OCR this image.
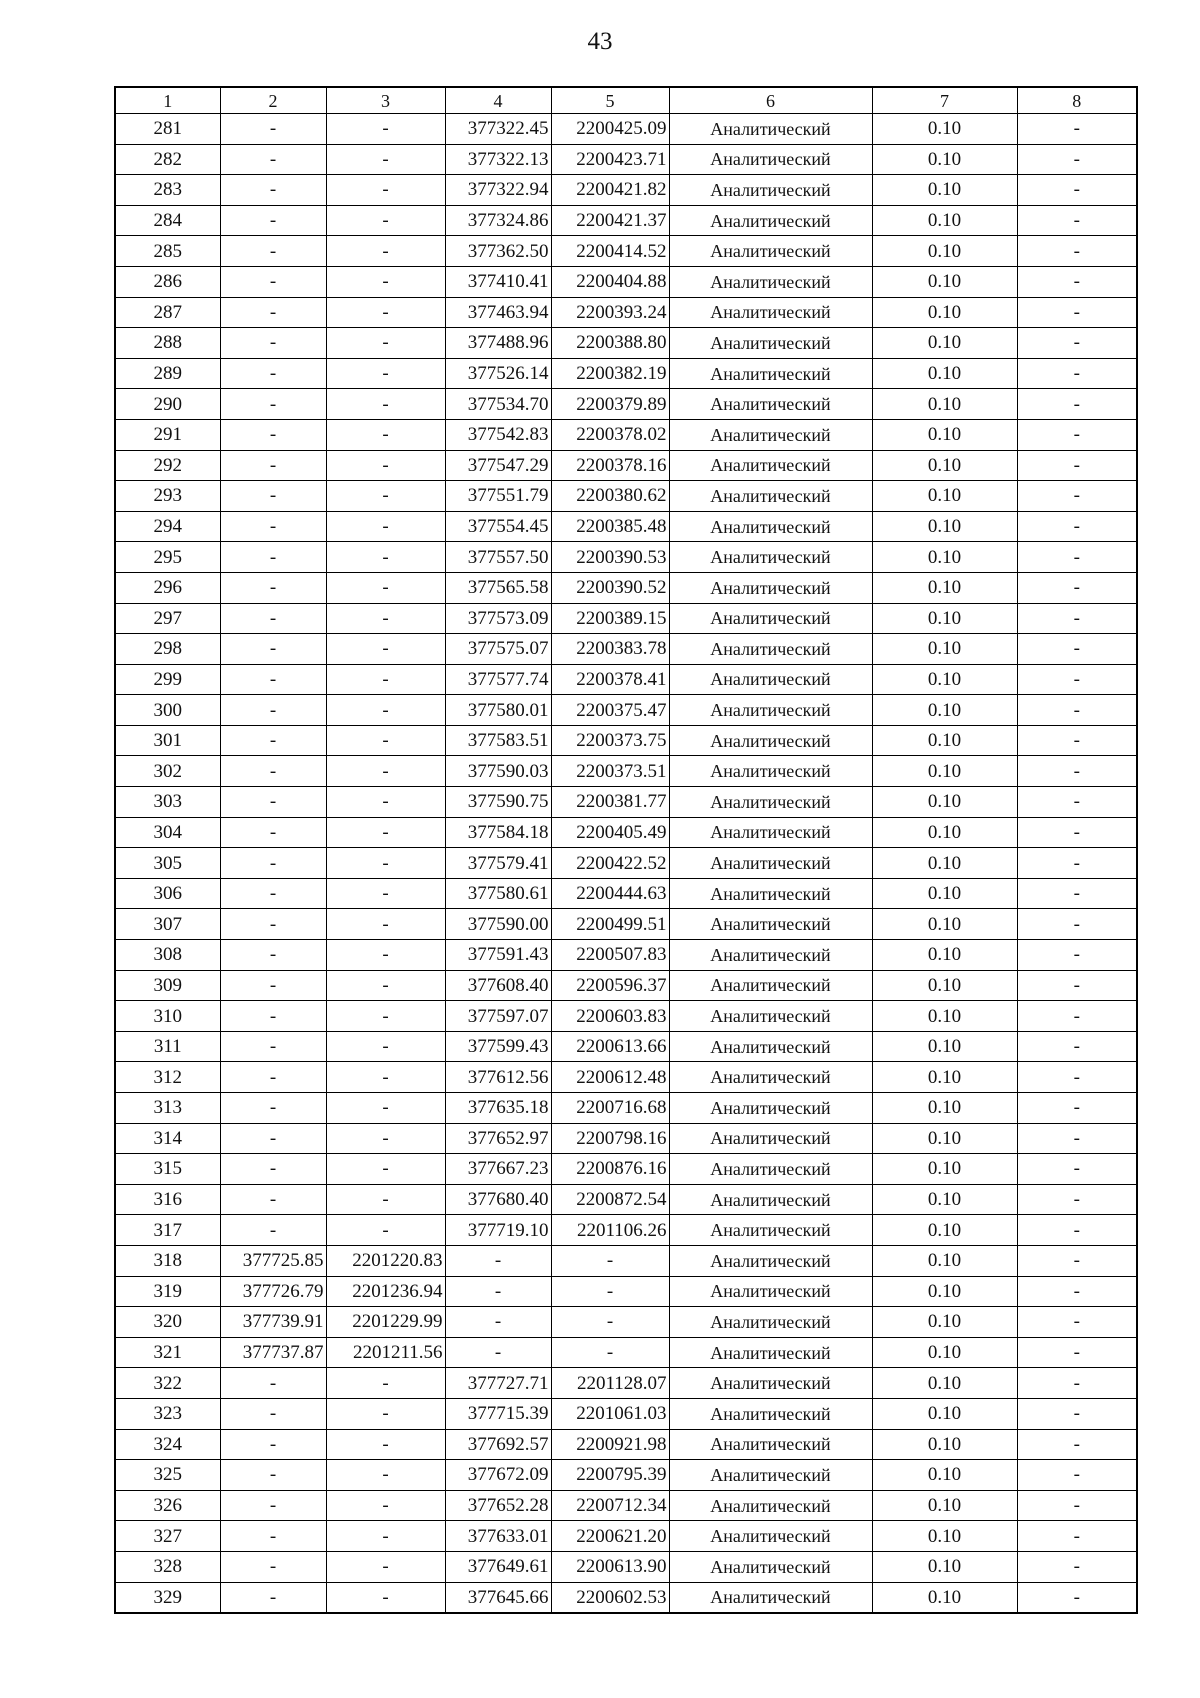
43
1	2	3	4	5	6	7	8
281	-	-	377322.45	2200425.09	Аналитический	0.10	-
282	-	-	377322.13	2200423.71	Аналитический	0.10	-
283	-	-	377322.94	2200421.82	Аналитический	0.10	-
284	-	-	377324.86	2200421.37	Аналитический	0.10	-
285	-	-	377362.50	2200414.52	Аналитический	0.10	-
286	-	-	377410.41	2200404.88	Аналитический	0.10	-
287	-	-	377463.94	2200393.24	Аналитический	0.10	-
288	-	-	377488.96	2200388.80	Аналитический	0.10	-
289	-	-	377526.14	2200382.19	Аналитический	0.10	-
290	-	-	377534.70	2200379.89	Аналитический	0.10	-
291	-	-	377542.83	2200378.02	Аналитический	0.10	-
292	-	-	377547.29	2200378.16	Аналитический	0.10	-
293	-	-	377551.79	2200380.62	Аналитический	0.10	-
294	-	-	377554.45	2200385.48	Аналитический	0.10	-
295	-	-	377557.50	2200390.53	Аналитический	0.10	-
296	-	-	377565.58	2200390.52	Аналитический	0.10	-
297	-	-	377573.09	2200389.15	Аналитический	0.10	-
298	-	-	377575.07	2200383.78	Аналитический	0.10	-
299	-	-	377577.74	2200378.41	Аналитический	0.10	-
300	-	-	377580.01	2200375.47	Аналитический	0.10	-
301	-	-	377583.51	2200373.75	Аналитический	0.10	-
302	-	-	377590.03	2200373.51	Аналитический	0.10	-
303	-	-	377590.75	2200381.77	Аналитический	0.10	-
304	-	-	377584.18	2200405.49	Аналитический	0.10	-
305	-	-	377579.41	2200422.52	Аналитический	0.10	-
306	-	-	377580.61	2200444.63	Аналитический	0.10	-
307	-	-	377590.00	2200499.51	Аналитический	0.10	-
308	-	-	377591.43	2200507.83	Аналитический	0.10	-
309	-	-	377608.40	2200596.37	Аналитический	0.10	-
310	-	-	377597.07	2200603.83	Аналитический	0.10	-
311	-	-	377599.43	2200613.66	Аналитический	0.10	-
312	-	-	377612.56	2200612.48	Аналитический	0.10	-
313	-	-	377635.18	2200716.68	Аналитический	0.10	-
314	-	-	377652.97	2200798.16	Аналитический	0.10	-
315	-	-	377667.23	2200876.16	Аналитический	0.10	-
316	-	-	377680.40	2200872.54	Аналитический	0.10	-
317	-	-	377719.10	2201106.26	Аналитический	0.10	-
318	377725.85	2201220.83	-	-	Аналитический	0.10	-
319	377726.79	2201236.94	-	-	Аналитический	0.10	-
320	377739.91	2201229.99	-	-	Аналитический	0.10	-
321	377737.87	2201211.56	-	-	Аналитический	0.10	-
322	-	-	377727.71	2201128.07	Аналитический	0.10	-
323	-	-	377715.39	2201061.03	Аналитический	0.10	-
324	-	-	377692.57	2200921.98	Аналитический	0.10	-
325	-	-	377672.09	2200795.39	Аналитический	0.10	-
326	-	-	377652.28	2200712.34	Аналитический	0.10	-
327	-	-	377633.01	2200621.20	Аналитический	0.10	-
328	-	-	377649.61	2200613.90	Аналитический	0.10	-
329	-	-	377645.66	2200602.53	Аналитический	0.10	-
